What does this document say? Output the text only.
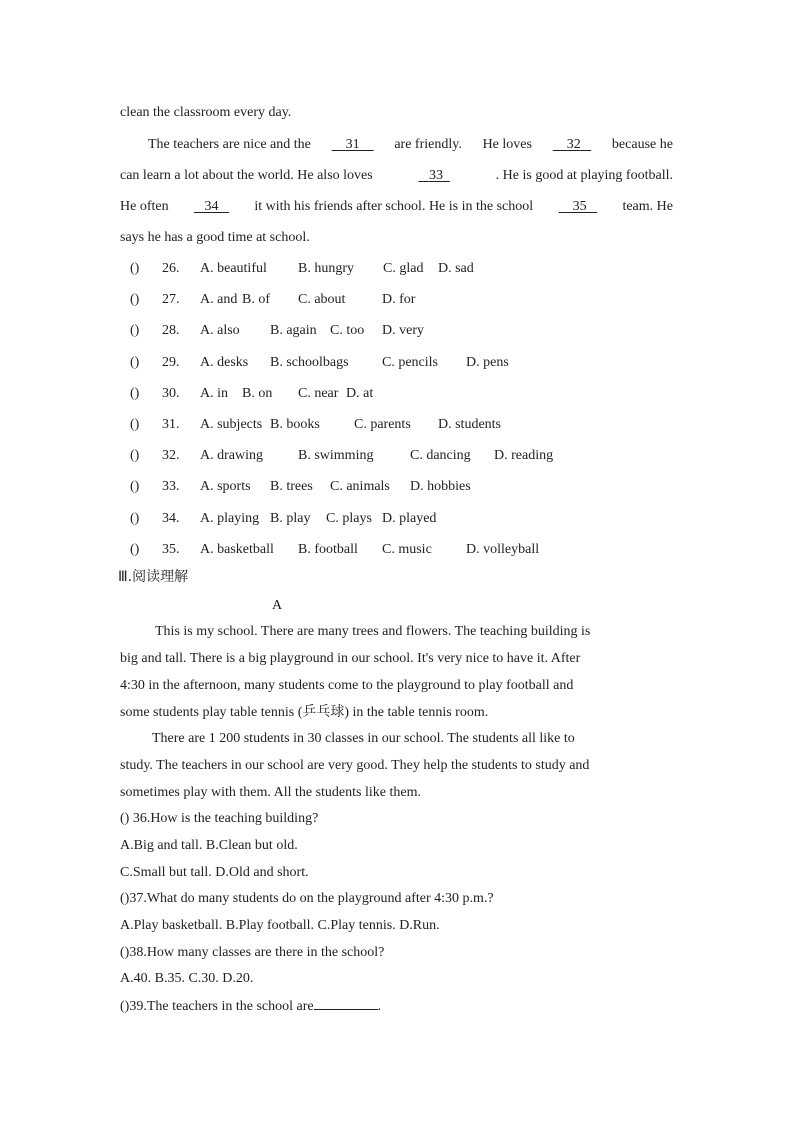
clean the classroom every day.
The teachers are nice and the	31	are friendly. He loves	32	because he
can learn a lot about the world. He also loves	33	. He is good at playing football.
He often	34	it with his friends after school. He is in the school	35	team. He
says he has a good time at school.
() 26. A. beautiful B. hungry C. glad D. sad
() 27. A. and B. of C. about	D. for
() 28. A. also B. again C. too D. very
() 29. A. desks B. schoolbags C. pencils D. pens
() 30. A. in B. on C. near D. at
() 31. A. subjects B. books C. parents D. students
() 32. A. drawing	B. swimming	C. dancing D. reading
() 33. A. sports B. trees C. animals D. hobbies
() 34. A. playing B. play C. plays D. played
() 35. A. basketball B. football C. music D. volleyball
Ⅲ.阅读理解
A
This is my school. There are many trees and flowers. The teaching building is
big and tall. There is a big playground in our school. It's very nice to have it. After
4:30 in the afternoon, many students come to the playground to play football and
some students play table tennis (乒乓球) in the table tennis room.
There are 1 200 students in 30 classes in our school. The students all like to
study. The teachers in our school are very good. They help the students to study and
sometimes play with them. All the students like them.
() 36.How is the teaching building?
A.Big and tall. B.Clean but old.
C.Small but tall. D.Old and short.
()37.What do many students do on the playground after 4:30 p.m.?
A.Play basketball. B.Play football. C.Play tennis. D.Run.
()38.How many classes are there in the school?
A.40. B.35. C.30. D.20.
()39.The teachers in the school are	.
